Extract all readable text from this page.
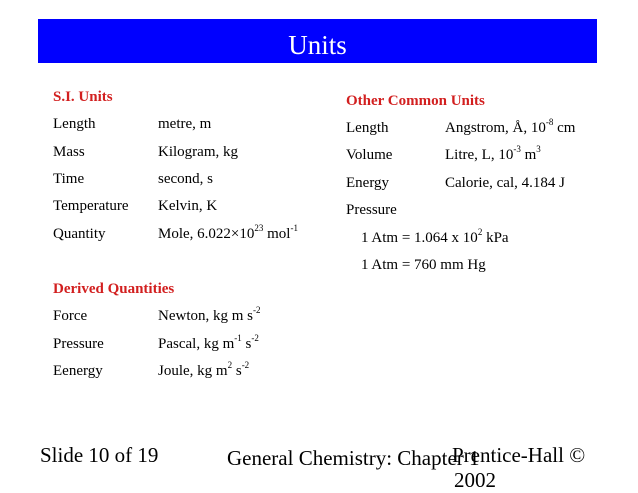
Units
S.I. Units
Length	metre, m
Mass	Kilogram, kg
Time	second, s
Temperature Kelvin, K
Quantity	Mole, $6.022\times 10^{23}$ mol$^{-1}$
Derived Quantities
Force	Newton, kg m $s^{-2}$
Pressure	Pascal, kg $m^{-1}$ $s^{-2}$
Eenergy	Joule, kg $m^2$ $s^{-2}$
Other Common Units
Length	Angstrom, Å, $10^{-8}$ cm
Volume	Litre, L, $10^{-3}$ $m^3$
Energy	Calorie, cal, 4.184 J
Pressure
1 Atm = 1.064 x $10^2$ kPa
1 Atm = 760 mm Hg
Slide 10 of 19	General Chemistry: Chapter 1
Prentice-Hall ©
2002
